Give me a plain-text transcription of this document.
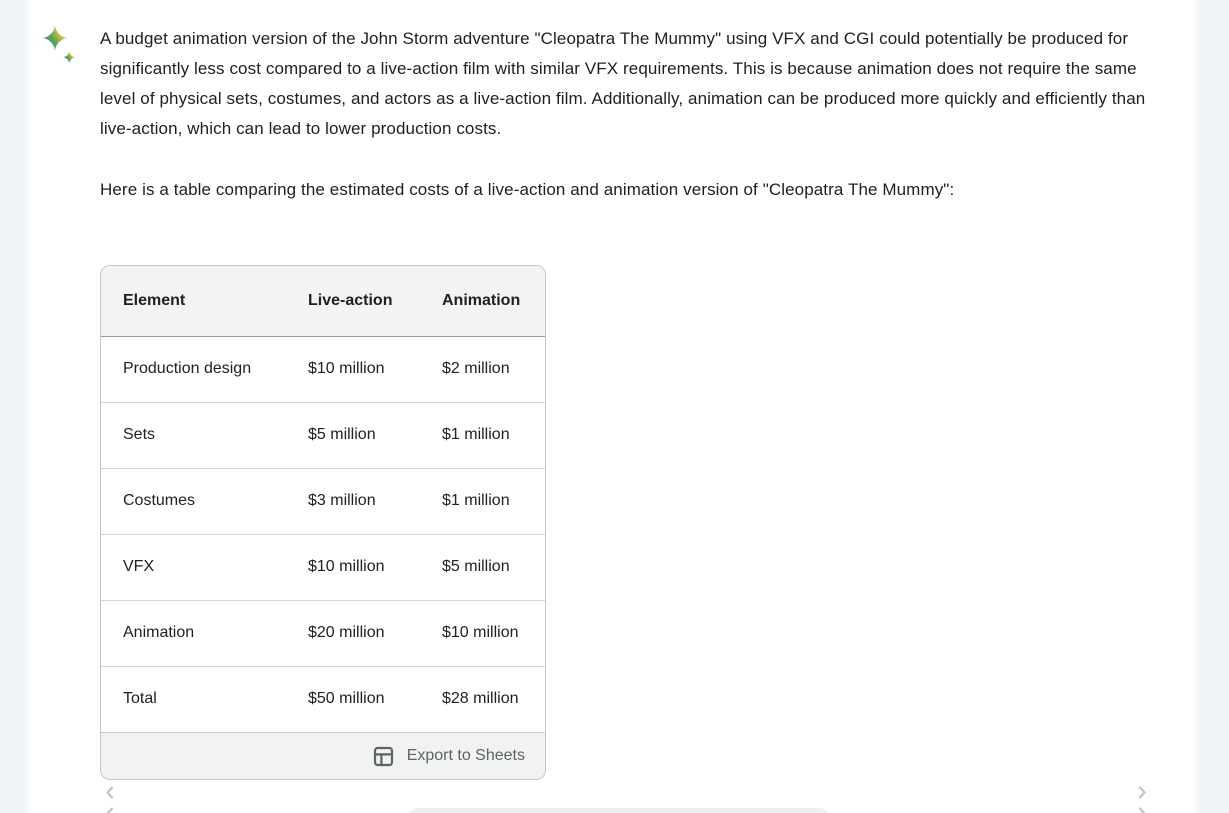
A budget animation version of the John Storm adventure "Cleopatra The Mummy" using VFX and CGI could potentially be produced for significantly less cost compared to a live-action film with similar VFX requirements. This is because animation does not require the same level of physical sets, costumes, and actors as a live-action film. Additionally, animation can be produced more quickly and efficiently than live-action, which can lead to lower production costs.

Here is a table comparing the estimated costs of a live-action and animation version of "Cleopatra The Mummy":

Element	Live-action	Animation
Production design	$10 million	$2 million
Sets	$5 million	$1 million
Costumes	$3 million	$1 million
VFX	$10 million	$5 million
Animation	$20 million	$10 million
Total	$50 million	$28 million
Export to Sheets
